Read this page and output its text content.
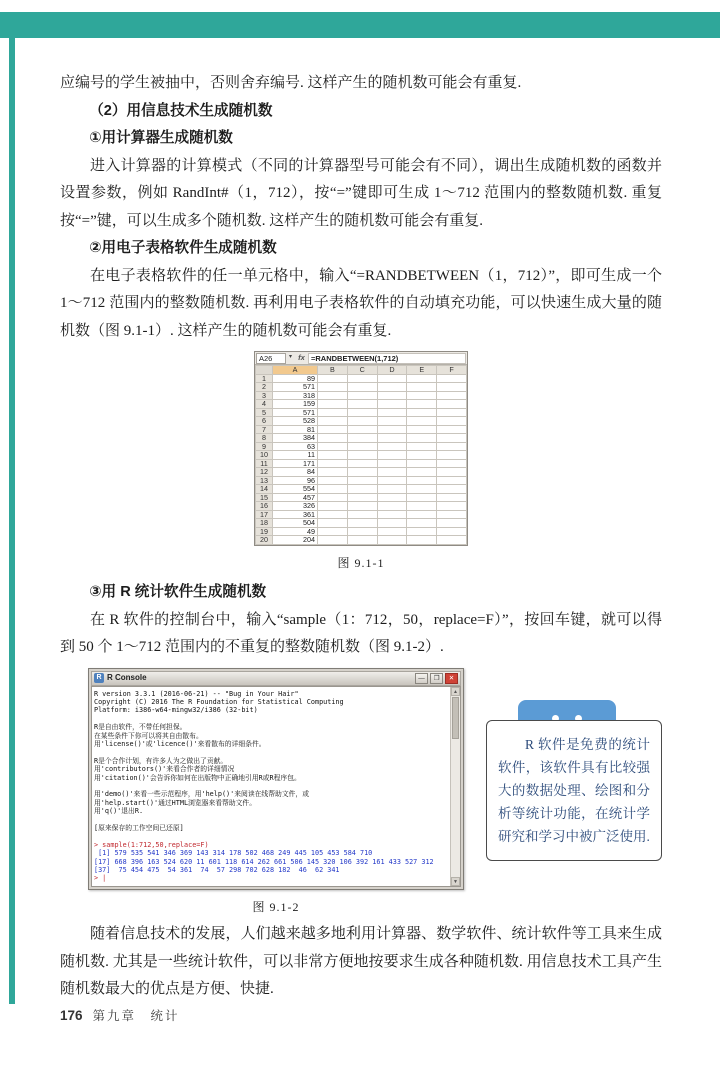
应编号的学生被抽中，否则舍弃编号. 这样产生的随机数可能会有重复.

（2）用信息技术生成随机数

①用计算器生成随机数

进入计算器的计算模式（不同的计算器型号可能会有不同），调出生成随机数的函数并设置参数，例如 RandInt#（1，712），按“=”键即可生成 1～712 范围内的整数随机数. 重复按“=”键，可以生成多个随机数. 这样产生的随机数可能会有重复.

②用电子表格软件生成随机数

在电子表格软件的任一单元格中，输入“=RANDBETWEEN（1，712）”，即可生成一个 1～712 范围内的整数随机数. 再利用电子表格软件的自动填充功能，可以快速生成大量的随机数（图 9.1-1）. 这样产生的随机数可能会有重复.

A26	▾ fx =RANDBETWEEN(1,712)
	A	B	C	D	E	F
1	89					
2	571					
3	318					
4	159					
5	571					
6	528					
7	81					
8	384					
9	63					
10	11					
11	171					
12	84					
13	96					
14	554					
15	457					
16	326					
17	361					
18	504					
19	49					
20	204					
图 9.1-1

③用 R 统计软件生成随机数

在 R 软件的控制台中，输入“sample（1：712，50，replace=F）”，按回车键，就可以得到 50 个 1～712 范围内的不重复的整数随机数（图 9.1-2）.

R R Console	—	❐	✕
R version 3.3.1 (2016-06-21) -- "Bug in Your Hair"
Copyright (C) 2016 The R Foundation for Statistical Computing
Platform: i386-w64-mingw32/i386 (32-bit)

R是自由软件，不带任何担保。
在某些条件下你可以将其自由散布。
用'license()'或'licence()'来看散布的详细条件。

R是个合作计划，有许多人为之做出了贡献。
用'contributors()'来看合作者的详细情况
用'citation()'会告诉你如何在出版物中正确地引用R或R程序包。

用'demo()'来看一些示范程序，用'help()'来阅读在线帮助文件，或
用'help.start()'通过HTML浏览器来看帮助文件。
用'q()'退出R.

[原来保存的工作空间已还原]

> sample(1:712,50,replace=F)
[1] 579 535 541 346 369 143 314 178 502 468 249 445 105 453 584 710
[17] 668 396 163 524 620 11 601 118 614 262 661 506 145 320 106 392 161 433 527 312
[37]  75 454 475  54 361  74  57 298 702 628 182  46  62 341
> |
▲
▼
图 9.1-2

R 软件是免费的统计软件，该软件具有比较强大的数据处理、绘图和分析等统计功能，在统计学研究和学习中被广泛使用.

随着信息技术的发展，人们越来越多地利用计算器、数学软件、统计软件等工具来生成随机数. 尤其是一些统计软件，可以非常方便地按要求生成各种随机数. 用信息技术工具产生随机数最大的优点是方便、快捷.

176 第九章　统计
